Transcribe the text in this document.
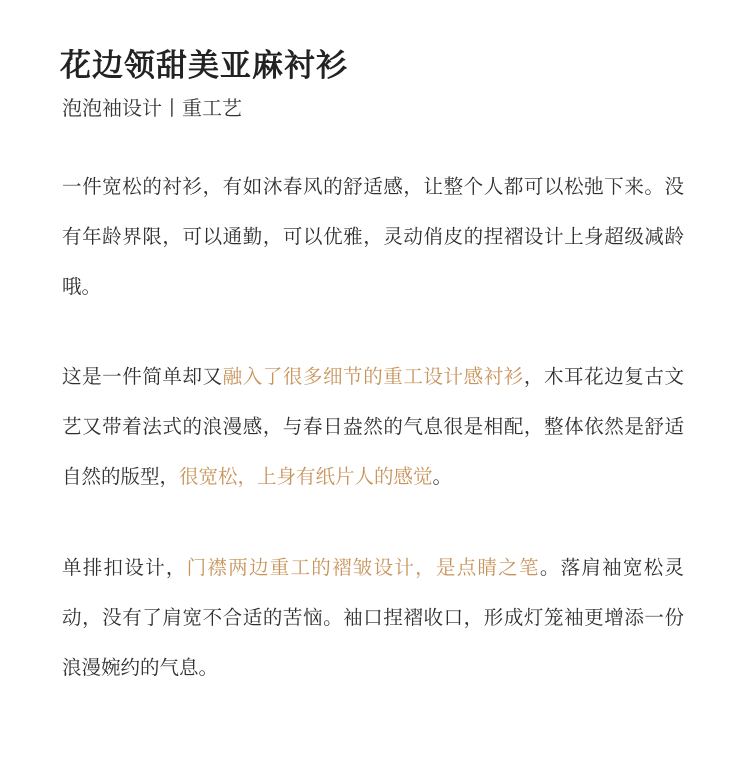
花边领甜美亚麻衬衫
泡泡袖设计丨重工艺

一件宽松的衬衫，有如沐春风的舒适感，让整个人都可以松弛下来。没有年龄界限，可以通勤，可以优雅，灵动俏皮的捏褶设计上身超级减龄哦。

这是一件简单却又融入了很多细节的重工设计感衬衫，木耳花边复古文艺又带着法式的浪漫感，与春日盎然的气息很是相配，整体依然是舒适自然的版型，很宽松，上身有纸片人的感觉。

单排扣设计，门襟两边重工的褶皱设计，是点睛之笔。落肩袖宽松灵动，没有了肩宽不合适的苦恼。袖口捏褶收口，形成灯笼袖更增添一份浪漫婉约的气息。
